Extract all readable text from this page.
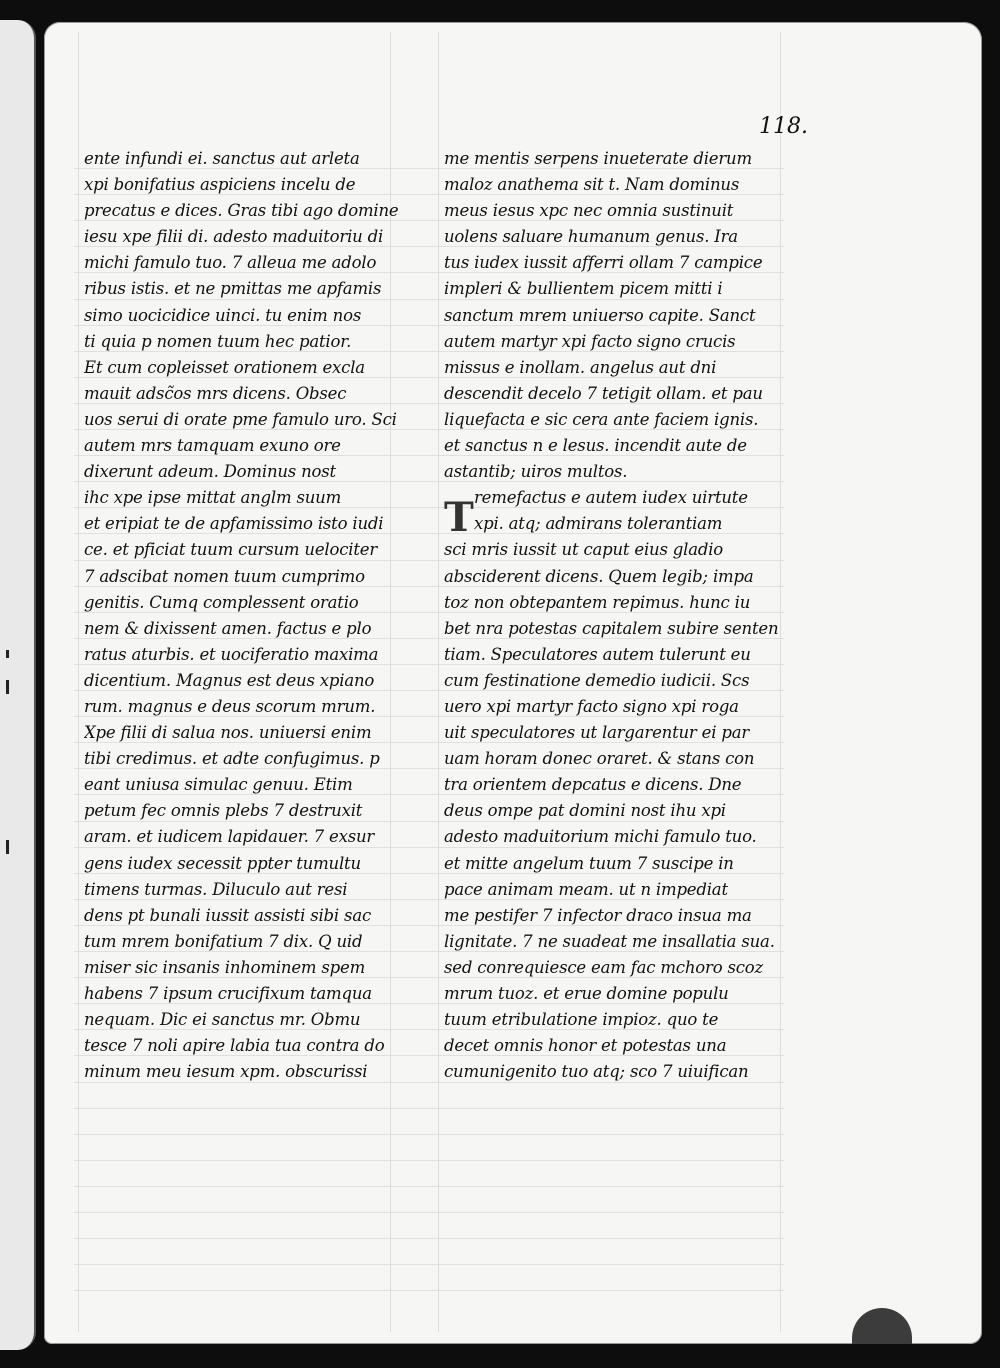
118.
ente infundi ei. sanctus aut arleta
xpi bonifatius aspiciens incelu de
precatus e dices. Gras tibi ago domine
iesu xpe filii di. adesto maduitoriu di
michi famulo tuo. 7 alleua me adolo
ribus istis. et ne pmittas me apfamis
simo uocicidice uinci. tu enim nos
ti quia p nomen tuum hec patior.
Et cum copleisset orationem excla
mauit adsc̃os mrs dicens. Obsec
uos serui di orate pme famulo uro. Sci
autem mrs tamquam exuno ore
dixerunt adeum. Dominus nost
ihc xpe ipse mittat anglm suum
et eripiat te de apfamissimo isto iudi
ce. et pficiat tuum cursum uelociter
7 adscibat nomen tuum cumprimo
genitis. Cumq complessent oratio
nem & dixissent amen. factus e plo
ratus aturbis. et uociferatio maxima
dicentium. Magnus est deus xpiano
rum. magnus e deus scorum mrum.
Xpe filii di salua nos. uniuersi enim
tibi credimus. et adte confugimus. p
eant uniusa simulac genuu. Etim
petum fec omnis plebs 7 destruxit
aram. et iudicem lapidauer. 7 exsur
gens iudex secessit ppter tumultu
timens turmas. Diluculo aut resi
dens pt bunali iussit assisti sibi sac
tum mrem bonifatium 7 dix. Q uid
miser sic insanis inhominem spem
habens 7 ipsum crucifixum tamqua
nequam. Dic ei sanctus mr. Obmu
tesce 7 noli apire labia tua contra do
minum meu iesum xpm. obscurissi
me mentis serpens inueterate dierum
maloz anathema sit t. Nam dominus
meus iesus xpc nec omnia sustinuit
uolens saluare humanum genus. Ira
tus iudex iussit afferri ollam 7 campice
impleri & bullientem picem mitti i
sanctum mrem uniuerso capite. Sanct
autem martyr xpi facto signo crucis
missus e inollam. angelus aut dni
descendit decelo 7 tetigit ollam. et pau
liquefacta e sic cera ante faciem ignis.
et sanctus n e lesus. incendit aute de
astantib; uiros multos.
remefactus e autem iudex uirtute
xpi. atq; admirans tolerantiam
sci mris iussit ut caput eius gladio
absciderent dicens. Quem legib; impa
toz non obtepantem repimus. hunc iu
bet nra potestas capitalem subire senten
tiam. Speculatores autem tulerunt eu
cum festinatione demedio iudicii. Scs
uero xpi martyr facto signo xpi roga
uit speculatores ut largarentur ei par
uam horam donec oraret. & stans con
tra orientem depcatus e dicens. Dne
deus ompe pat domini nost ihu xpi
adesto maduitorium michi famulo tuo.
et mitte angelum tuum 7 suscipe in
pace animam meam. ut n impediat
me pestifer 7 infector draco insua ma
lignitate. 7 ne suadeat me insallatia sua.
sed conrequiesce eam fac mchoro scoz
mrum tuoz. et erue domine populu
tuum etribulatione impioz. quo te
decet omnis honor et potestas una
cumunigenito tuo atq; sco 7 uiuifican
T
